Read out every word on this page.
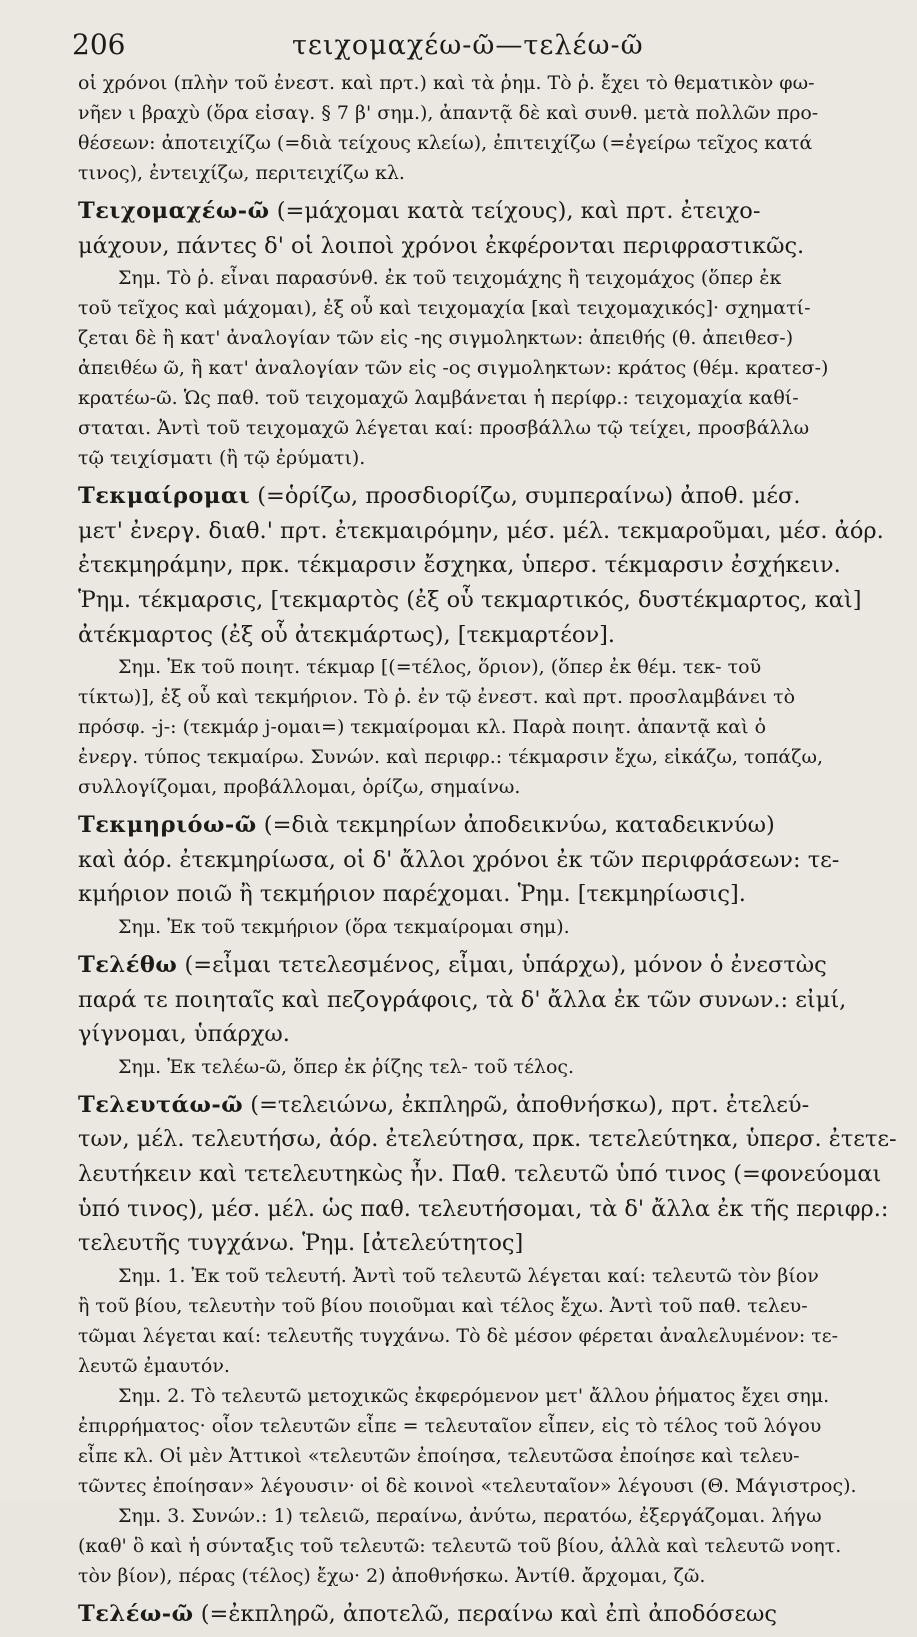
206	τειχομαχέω-ῶ—τελέω-ῶ
οἱ χρόνοι (πλὴν τοῦ ἐνεστ. καὶ πρτ.) καὶ τὰ ῥημ. Τὸ ῥ. ἔχει τὸ θεματικὸν φω-
νῆεν ι βραχὺ (ὅρα εἰσαγ. § 7 β' σημ.), ἀπαντᾷ δὲ καὶ συνθ. μετὰ πολλῶν προ-
θέσεων: ἀποτειχίζω (=διὰ τείχους κλείω), ἐπιτειχίζω (=ἐγείρω τεῖχος κατά
τινος), ἐντειχίζω, περιτειχίζω κλ.
Τειχομαχέω-ῶ (=μάχομαι κατὰ τείχους), καὶ πρτ. ἐτειχο-
μάχουν, πάντες δ' οἱ λοιποὶ χρόνοι ἐκφέρονται περιφραστικῶς.
Σημ. Τὸ ῥ. εἶναι παρασύνθ. ἐκ τοῦ τειχομάχης ἢ τειχομάχος (ὅπερ ἐκ
τοῦ τεῖχος καὶ μάχομαι), ἐξ οὗ καὶ τειχομαχία [καὶ τειχομαχικός]· σχηματί-
ζεται δὲ ἢ κατ' ἀναλογίαν τῶν εἰς -ης σιγμοληκτων: ἀπειθής (θ. ἀπειθεσ-)
ἀπειθέω ῶ, ἢ κατ' ἀναλογίαν τῶν εἰς -ος σιγμοληκτων: κράτος (θέμ. κρατεσ-)
κρατέω-ῶ. Ὡς παθ. τοῦ τειχομαχῶ λαμβάνεται ἡ περίφρ.: τειχομαχία καθί-
σταται. Ἀντὶ τοῦ τειχομαχῶ λέγεται καί: προσβάλλω τῷ τείχει, προσβάλλω
τῷ τειχίσματι (ἢ τῷ ἐρύματι).
Τεκμαίρομαι (=ὁρίζω, προσδιορίζω, συμπεραίνω) ἀποθ. μέσ.
μετ' ἐνεργ. διαθ.' πρτ. ἐτεκμαιρόμην, μέσ. μέλ. τεκμαροῦμαι, μέσ. ἀόρ.
ἐτεκμηράμην, πρκ. τέκμαρσιν ἔσχηκα, ὑπερσ. τέκμαρσιν ἐσχήκειν.
Ῥημ. τέκμαρσις, [τεκμαρτὸς (ἐξ οὗ τεκμαρτικός, δυστέκμαρτος, καὶ]
ἀτέκμαρτος (ἐξ οὗ ἀτεκμάρτως), [τεκμαρτέον].
Σημ. Ἐκ τοῦ ποιητ. τέκμαρ [(=τέλος, ὅριον), (ὅπερ ἐκ θέμ. τεκ- τοῦ
τίκτω)], ἐξ οὗ καὶ τεκμήριον. Τὸ ῥ. ἐν τῷ ἐνεστ. καὶ πρτ. προσλαμβάνει τὸ
πρόσφ. -j-: (τεκμάρ j-ομαι=) τεκμαίρομαι κλ. Παρὰ ποιητ. ἀπαντᾷ καὶ ὁ
ἐνεργ. τύπος τεκμαίρω. Συνών. καὶ περιφρ.: τέκμαρσιν ἔχω, εἰκάζω, τοπάζω,
συλλογίζομαι, προβάλλομαι, ὁρίζω, σημαίνω.
Τεκμηριόω-ῶ (=διὰ τεκμηρίων ἀποδεικνύω, καταδεικνύω)
καὶ ἀόρ. ἐτεκμηρίωσα, οἱ δ' ἄλλοι χρόνοι ἐκ τῶν περιφράσεων: τε-
κμήριον ποιῶ ἢ τεκμήριον παρέχομαι. Ῥημ. [τεκμηρίωσις].
Σημ. Ἐκ τοῦ τεκμήριον (ὅρα τεκμαίρομαι σημ).
Τελέθω (=εἶμαι τετελεσμένος, εἶμαι, ὑπάρχω), μόνον ὁ ἐνεστὼς
παρά τε ποιηταῖς καὶ πεζογράφοις, τὰ δ' ἄλλα ἐκ τῶν συνων.: εἰμί,
γίγνομαι, ὑπάρχω.
Σημ. Ἐκ τελέω-ῶ, ὅπερ ἐκ ῥίζης τελ- τοῦ τέλος.
Τελευτάω-ῶ (=τελειώνω, ἐκπληρῶ, ἀποθνήσκω), πρτ. ἐτελεύ-
των, μέλ. τελευτήσω, ἀόρ. ἐτελεύτησα, πρκ. τετελεύτηκα, ὑπερσ. ἐτετε-
λευτήκειν καὶ τετελευτηκὼς ἦν. Παθ. τελευτῶ ὑπό τινος (=φονεύομαι
ὑπό τινος), μέσ. μέλ. ὡς παθ. τελευτήσομαι, τὰ δ' ἄλλα ἐκ τῆς περιφρ.:
τελευτῆς τυγχάνω. Ῥημ. [ἀτελεύτητος]
Σημ. 1. Ἐκ τοῦ τελευτή. Ἀντὶ τοῦ τελευτῶ λέγεται καί: τελευτῶ τὸν βίον
ἢ τοῦ βίου, τελευτὴν τοῦ βίου ποιοῦμαι καὶ τέλος ἔχω. Ἀντὶ τοῦ παθ. τελευ-
τῶμαι λέγεται καί: τελευτῆς τυγχάνω. Τὸ δὲ μέσον φέρεται ἀναλελυμένον: τε-
λευτῶ ἐμαυτόν.
Σημ. 2. Τὸ τελευτῶ μετοχικῶς ἐκφερόμενον μετ' ἄλλου ῥήματος ἔχει σημ.
ἐπιρρήματος· οἷον τελευτῶν εἶπε = τελευταῖον εἶπεν, εἰς τὸ τέλος τοῦ λόγου
εἶπε κλ. Οἱ μὲν Ἀττικοὶ «τελευτῶν ἐποίησα, τελευτῶσα ἐποίησε καὶ τελευ-
τῶντες ἐποίησαν» λέγουσιν· οἱ δὲ κοινοὶ «τελευταῖον» λέγουσι (Θ. Μάγιστρος).
Σημ. 3. Συνών.: 1) τελειῶ, περαίνω, ἀνύτω, περατόω, ἐξεργάζομαι. λήγω
(καθ' ὃ καὶ ἡ σύνταξις τοῦ τελευτῶ: τελευτῶ τοῦ βίου, ἀλλὰ καὶ τελευτῶ νοητ.
τὸν βίον), πέρας (τέλος) ἔχω· 2) ἀποθνήσκω. Ἀντίθ. ἄρχομαι, ζῶ.
Τελέω-ῶ (=ἐκπληρῶ, ἀποτελῶ, περαίνω καὶ ἐπὶ ἀποδόσεως
